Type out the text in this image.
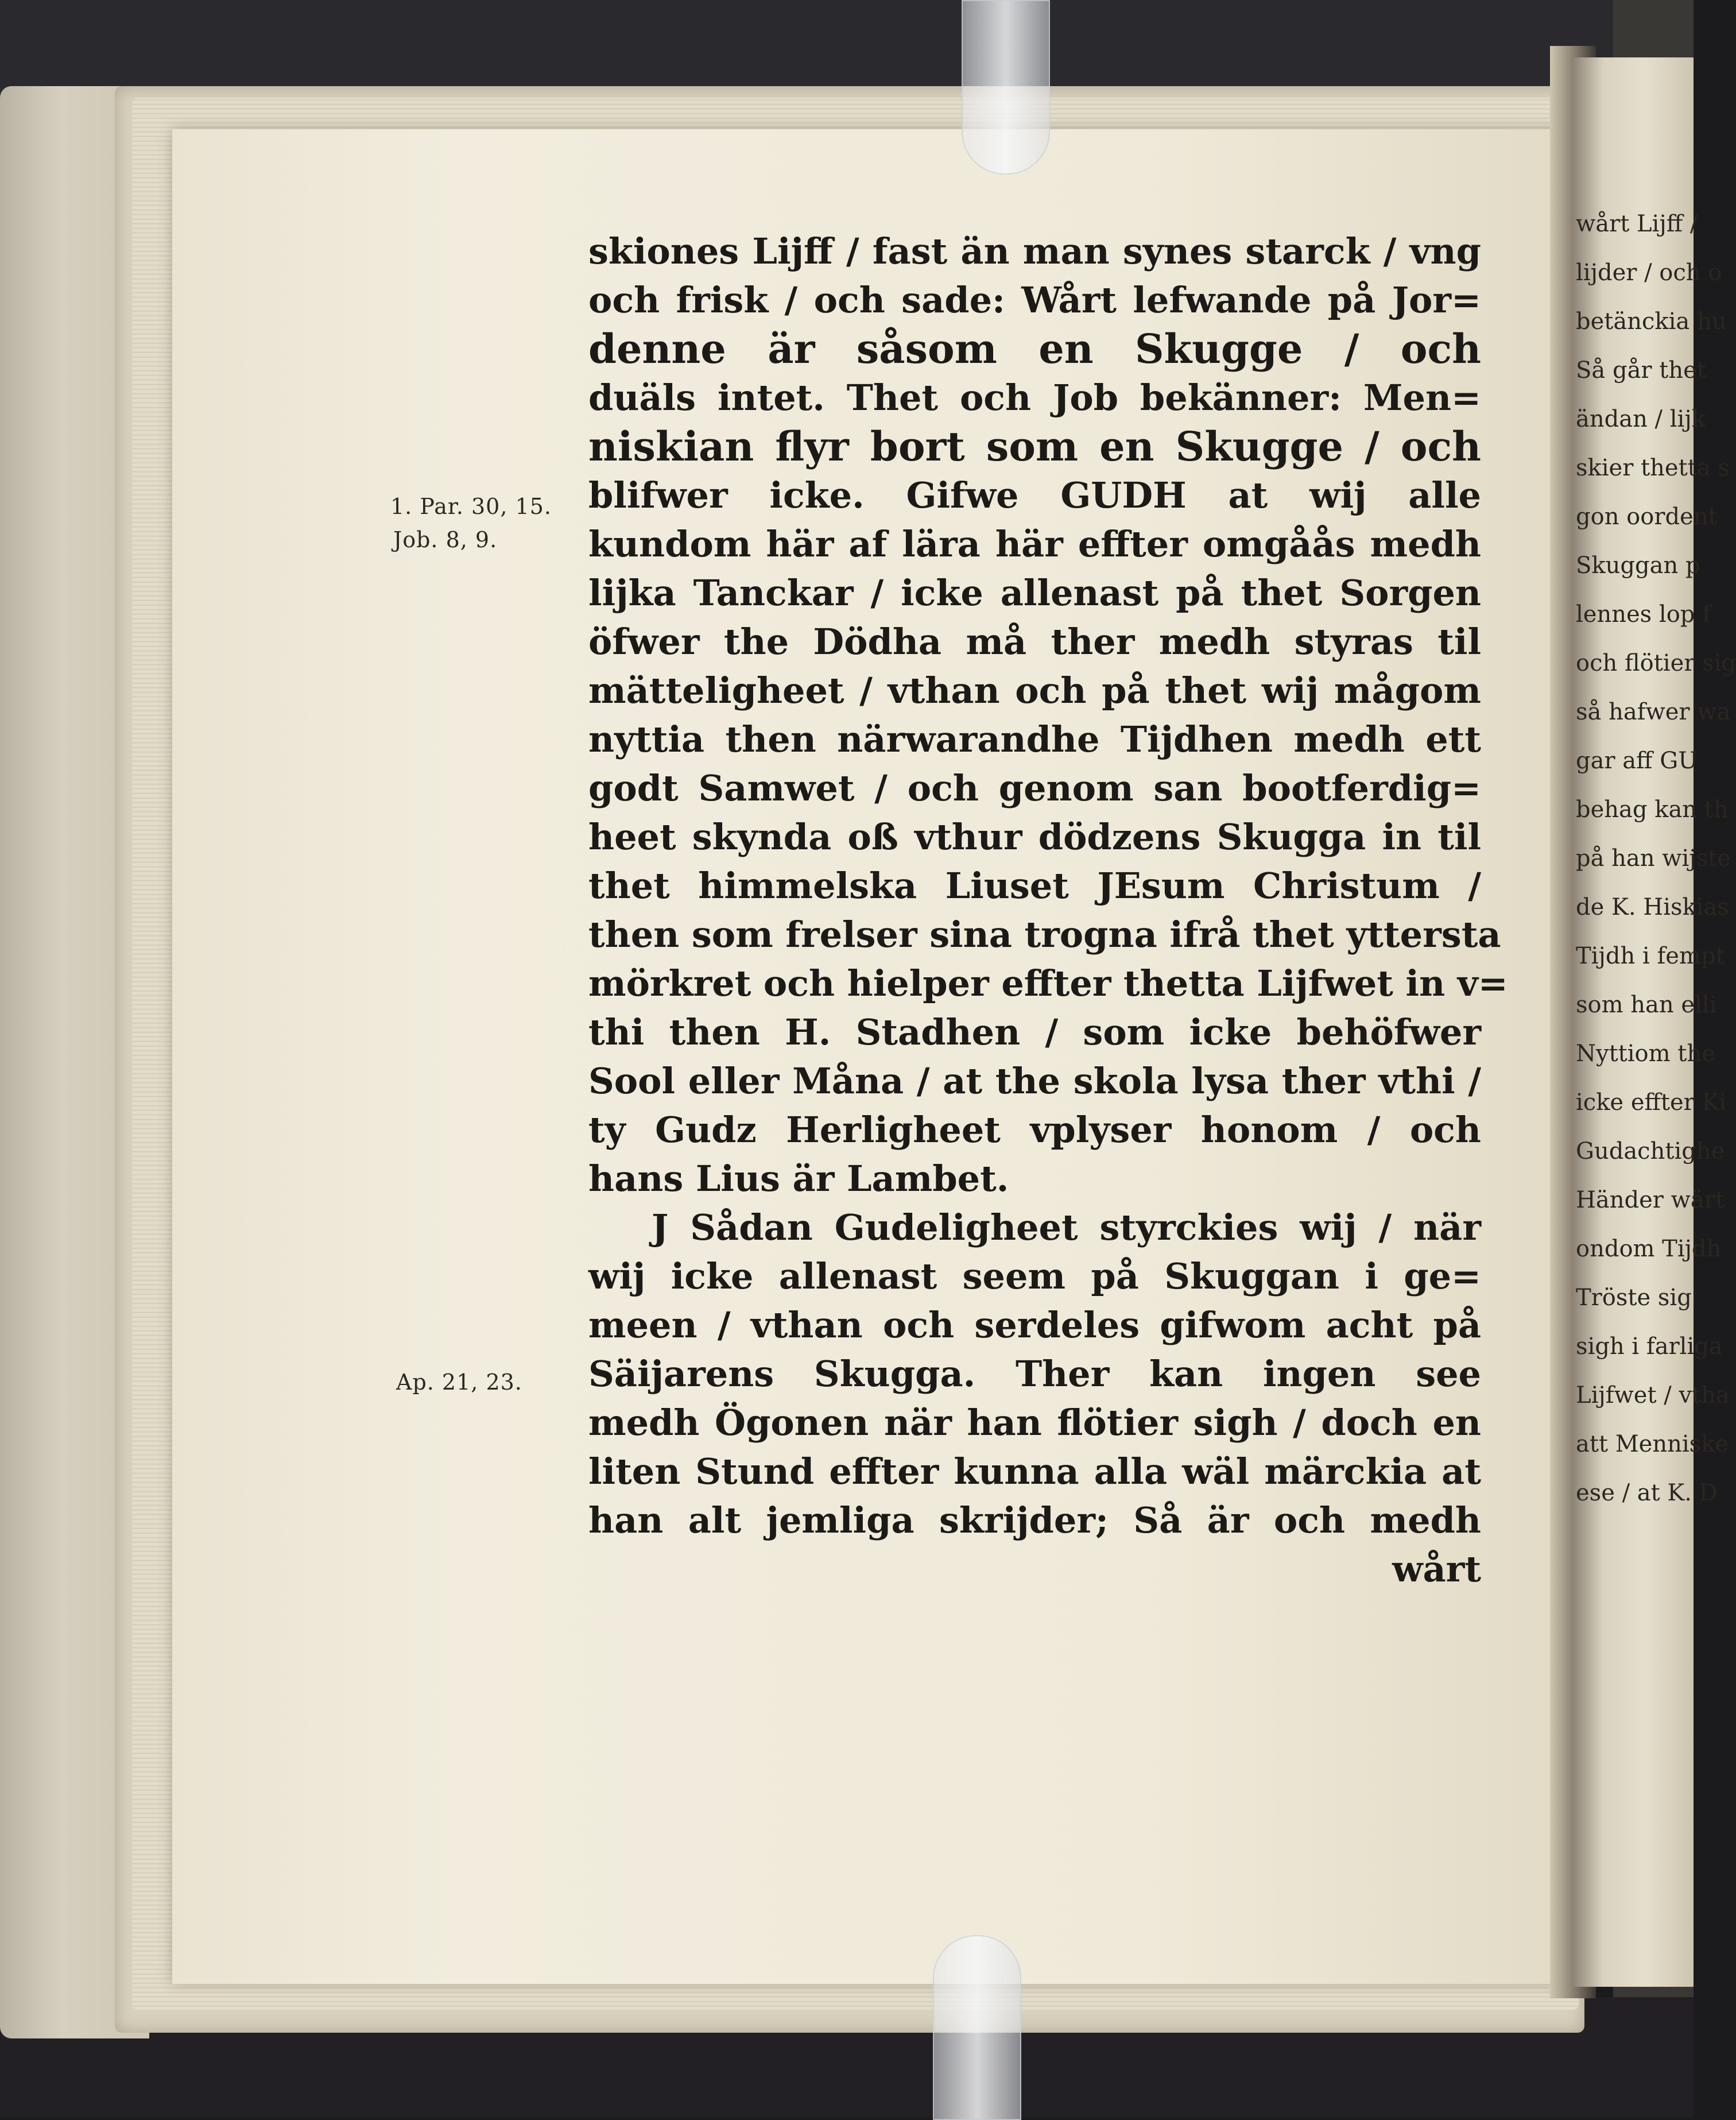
wårt Lijff /
lijder / och o
betänckia hu
Så går thet
ändan / lijk
skier thetta s
gon oordent
Skuggan p
lennes lop f
och flötier sig
så hafwer wa
gar aff GU
behag kan th
på han wijste
de K. Hiskias
Tijdh i fempt
som han elli
Nyttiom the
icke effter Ki
Gudachtighe
Händer wärt
ondom Tijdh
Tröste sig
sigh i farliga
Lijfwet / vtha
att Menniske
ese / at K. D
1. Par. 30, 15.
Job. 8, 9.
Ap. 21, 23.
skiones Lijff / fast än man synes starck / vng
och frisk / och sade: Wårt lefwande på Jor=
denne är såsom en Skugge / och
duäls intet. Thet och Job bekänner: Men=
niskian flyr bort som en Skugge / och
blifwer icke. Gifwe GUDH at wij alle
kundom här af lära här effter omgåås medh
lijka Tanckar / icke allenast på thet Sorgen
öfwer the Dödha må ther medh styras til
mätteligheet / vthan och på thet wij mågom
nyttia then närwarandhe Tijdhen medh ett
godt Samwet / och genom san bootferdig=
heet skynda oß vthur dödzens Skugga in til
thet himmelska Liuset JEsum Christum /
then som frelser sina trogna ifrå thet yttersta
mörkret och hielper effter thetta Lijfwet in v=
thi then H. Stadhen / som icke behöfwer
Sool eller Måna / at the skola lysa ther vthi /
ty Gudz Herligheet vplyser honom / och
hans Lius är Lambet.
J Sådan Gudeligheet styrckies wij / när
wij icke allenast seem på Skuggan i ge=
meen / vthan och serdeles gifwom acht på
Säijarens Skugga. Ther kan ingen see
medh Ögonen när han flötier sigh / doch en
liten Stund effter kunna alla wäl märckia at
han alt jemliga skrijder; Så är och medh
wårt
